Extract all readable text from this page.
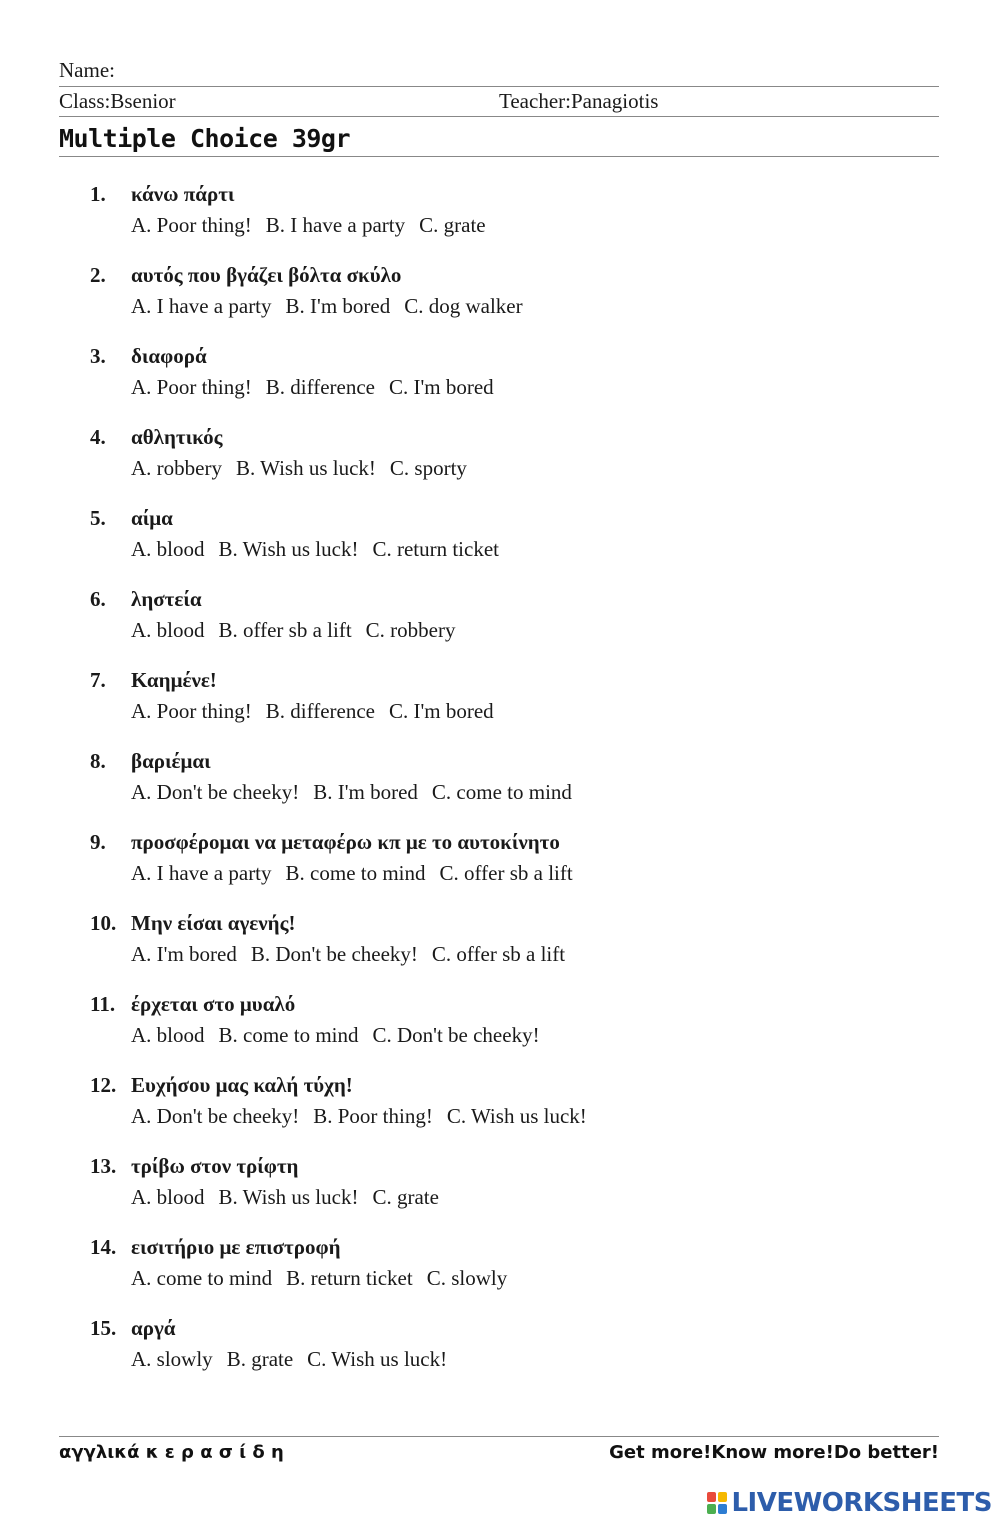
Name:
Class:Bsenior	Teacher:Panagiotis
Multiple Choice 39gr
1.	κάνω πάρτι
A. Poor thing! B. I have a party C. grate
2.	αυτός που βγάζει βόλτα σκύλο
A. I have a party B. I'm bored C. dog walker
3.	διαφορά
A. Poor thing! B. difference C. I'm bored
4.	αθλητικός
A. robbery B. Wish us luck! C. sporty
5.	αίμα
A. blood B. Wish us luck! C. return ticket
6.	ληστεία
A. blood B. offer sb a lift C. robbery
7.	Καημένε!
A. Poor thing! B. difference C. I'm bored
8.	βαριέμαι
A. Don't be cheeky! B. I'm bored C. come to mind
9.	προσφέρομαι να μεταφέρω κπ με το αυτοκίνητο
A. I have a party B. come to mind C. offer sb a lift
10. Μην είσαι αγενής!
A. I'm bored B. Don't be cheeky! C. offer sb a lift
11. έρχεται στο μυαλό
A. blood B. come to mind C. Don't be cheeky!
12. Ευχήσου μας καλή τύχη!
A. Don't be cheeky! B. Poor thing! C. Wish us luck!
13. τρίβω στον τρίφτη
A. blood B. Wish us luck! C. grate
14. εισιτήριο με επιστροφή
A. come to mind B. return ticket C. slowly
15. αργά
A. slowly B. grate C. Wish us luck!
αγγλικά κ ε ρ α σ ί δ η	Get more!Know more!Do better!
LIVEWORKSHEETS
